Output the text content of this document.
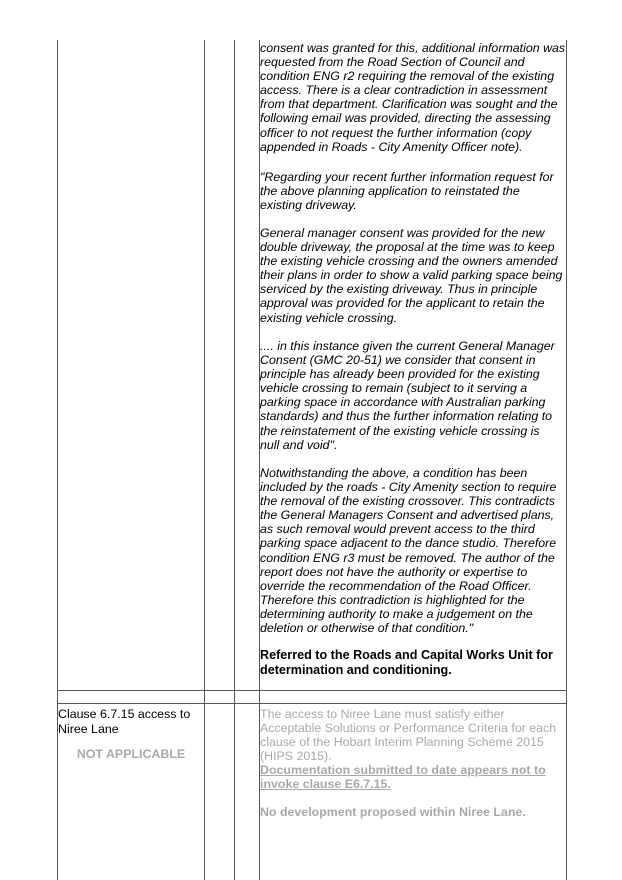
consent was granted for this, additional information was
requested from the Road Section of Council and
condition ENG r2 requiring the removal of the existing
access. There is a clear contradiction in assessment
from that department. Clarification was sought and the
following email was provided, directing the assessing
officer to not request the further information (copy
appended in Roads - City Amenity Officer note).
"Regarding your recent further information request for
the above planning application to reinstated the
existing driveway.
General manager consent was provided for the new
double driveway, the proposal at the time was to keep
the existing vehicle crossing and the owners amended
their plans in order to show a valid parking space being
serviced by the existing driveway. Thus in principle
approval was provided for the applicant to retain the
existing vehicle crossing.
.... in this instance given the current General Manager
Consent (GMC 20-51) we consider that consent in
principle has already been provided for the existing
vehicle crossing to remain (subject to it serving a
parking space in accordance with Australian parking
standards) and thus the further information relating to
the reinstatement of the existing vehicle crossing is
null and void".
Notwithstanding the above, a condition has been
included by the roads - City Amenity section to require
the removal of the existing crossover. This contradicts
the General Managers Consent and advertised plans,
as such removal would prevent access to the third
parking space adjacent to the dance studio. Therefore
condition ENG r3 must be removed. The author of the
report does not have the authority or expertise to
override the recommendation of the Road Officer.
Therefore this contradiction is highlighted for the
determining authority to make a judgement on the
deletion or otherwise of that condition."
Referred to the Roads and Capital Works Unit for
determination and conditioning.
Clause 6.7.15 access to
Niree Lane
NOT APPLICABLE
The access to Niree Lane must satisfy either
Acceptable Solutions or Performance Criteria for each
clause of the Hobart Interim Planning Scheme 2015
(HIPS 2015).
Documentation submitted to date appears not to
invoke clause E6.7.15.
No development proposed within Niree Lane.
